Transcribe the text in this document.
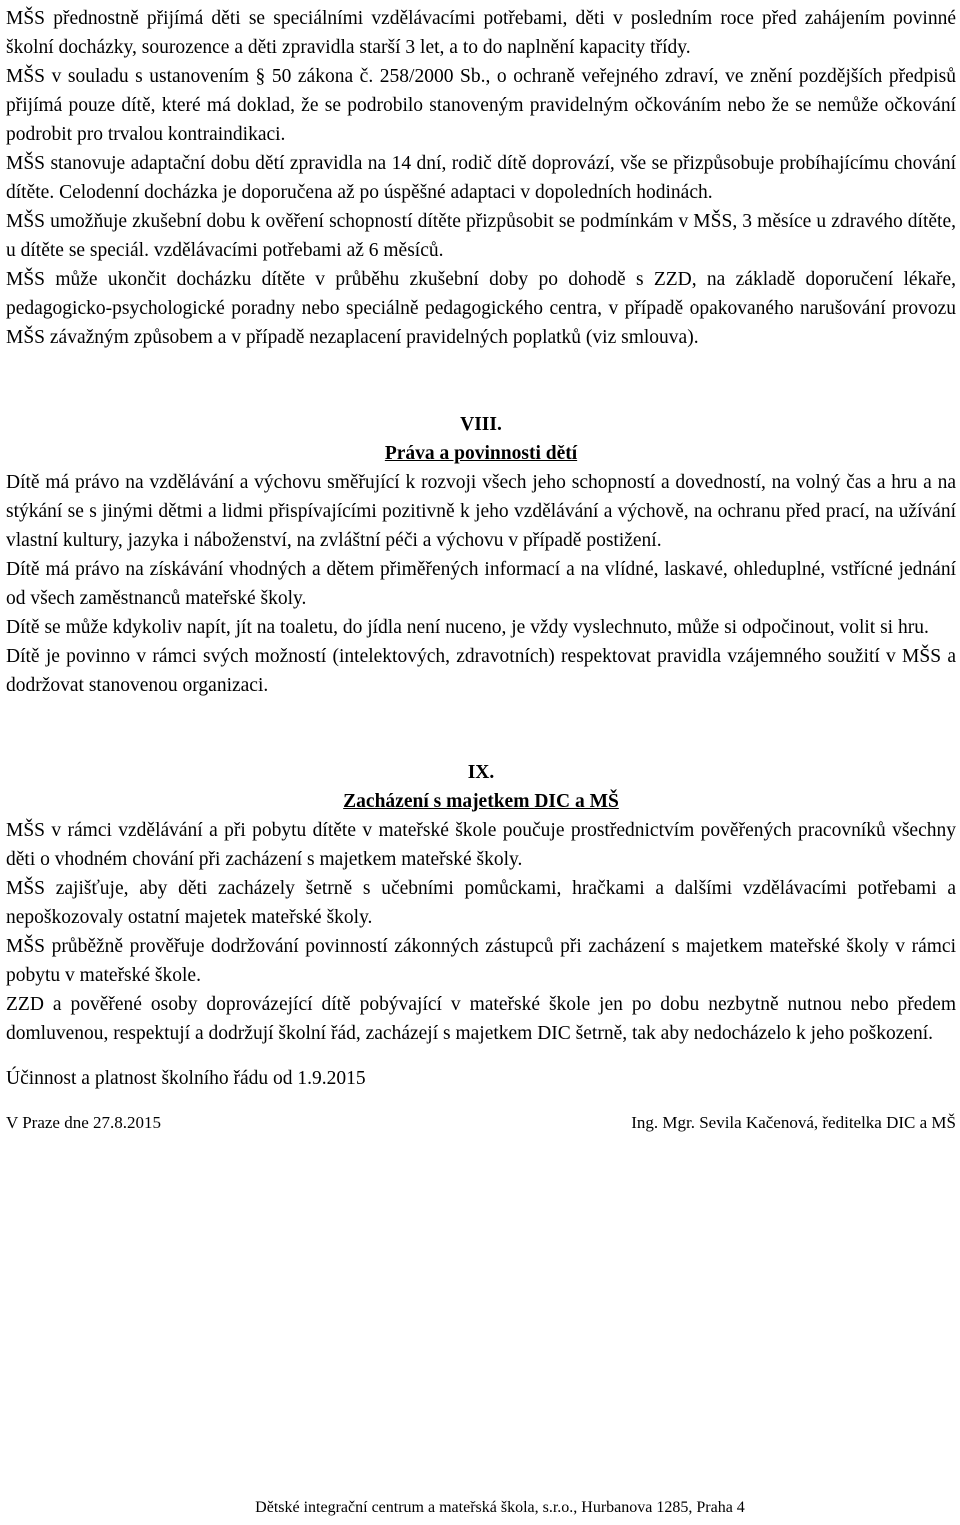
MŠS přednostně přijímá děti se speciálními vzdělávacími potřebami, děti v posledním roce před zahájením povinné školní docházky, sourozence a děti zpravidla starší 3 let, a to do naplnění kapacity třídy.

MŠS v souladu s ustanovením § 50 zákona č. 258/2000 Sb., o ochraně veřejného zdraví, ve znění pozdějších předpisů přijímá pouze dítě, které má doklad, že se podrobilo stanoveným pravidelným očkováním nebo že se nemůže očkování podrobit pro trvalou kontraindikaci.

MŠS stanovuje adaptační dobu dětí zpravidla na 14 dní, rodič dítě doprovází, vše se přizpůsobuje probíhajícímu chování dítěte. Celodenní docházka je doporučena až po úspěšné adaptaci v dopoledních hodinách.

MŠS umožňuje zkušební dobu k ověření schopností dítěte přizpůsobit se podmínkám v MŠS, 3 měsíce u zdravého dítěte, u dítěte se speciál. vzdělávacími potřebami až 6 měsíců.

MŠS může ukončit docházku dítěte v průběhu zkušební doby po dohodě s ZZD, na základě doporučení lékaře, pedagogicko-psychologické poradny nebo speciálně pedagogického centra, v případě opakovaného narušování provozu MŠS závažným způsobem a v případě nezaplacení pravidelných poplatků (viz smlouva).

VIII.
Práva a povinnosti dětí

Dítě má právo na vzdělávání a výchovu směřující k rozvoji všech jeho schopností a dovedností, na volný čas a hru a na stýkání se s jinými dětmi a lidmi přispívajícími pozitivně k jeho vzdělávání a výchově, na ochranu před prací, na užívání vlastní kultury, jazyka i náboženství, na zvláštní péči a výchovu v případě postižení.

Dítě má právo na získávání vhodných a dětem přiměřených informací a na vlídné, laskavé, ohleduplné, vstřícné jednání od všech zaměstnanců mateřské školy.

Dítě se může kdykoliv napít, jít na toaletu, do jídla není nuceno, je vždy vyslechnuto, může si odpočinout, volit si hru.

Dítě je povinno v rámci svých možností (intelektových, zdravotních) respektovat pravidla vzájemného soužití v MŠS a dodržovat stanovenou organizaci.

IX.
Zacházení s majetkem DIC a MŠ

MŠS v rámci vzdělávání a při pobytu dítěte v mateřské škole poučuje prostřednictvím pověřených pracovníků všechny děti o vhodném chování při zacházení s majetkem mateřské školy.

MŠS zajišťuje, aby děti zacházely šetrně s učebními pomůckami, hračkami a dalšími vzdělávacími potřebami a nepoškozovaly ostatní majetek mateřské školy.

MŠS průběžně prověřuje dodržování povinností zákonných zástupců při zacházení s majetkem mateřské školy v rámci pobytu v mateřské škole.

ZZD a pověřené osoby doprovázející dítě pobývající v mateřské škole jen po dobu nezbytně nutnou nebo předem domluvenou, respektují a dodržují školní řád, zacházejí s majetkem DIC šetrně, tak aby nedocházelo k jeho poškození.

Účinnost a platnost školního řádu od 1.9.2015
V Praze dne 27.8.2015	Ing. Mgr. Sevila Kačenová, ředitelka DIC a MŠ
Dětské integrační centrum a mateřská škola, s.r.o., Hurbanova 1285, Praha 4
